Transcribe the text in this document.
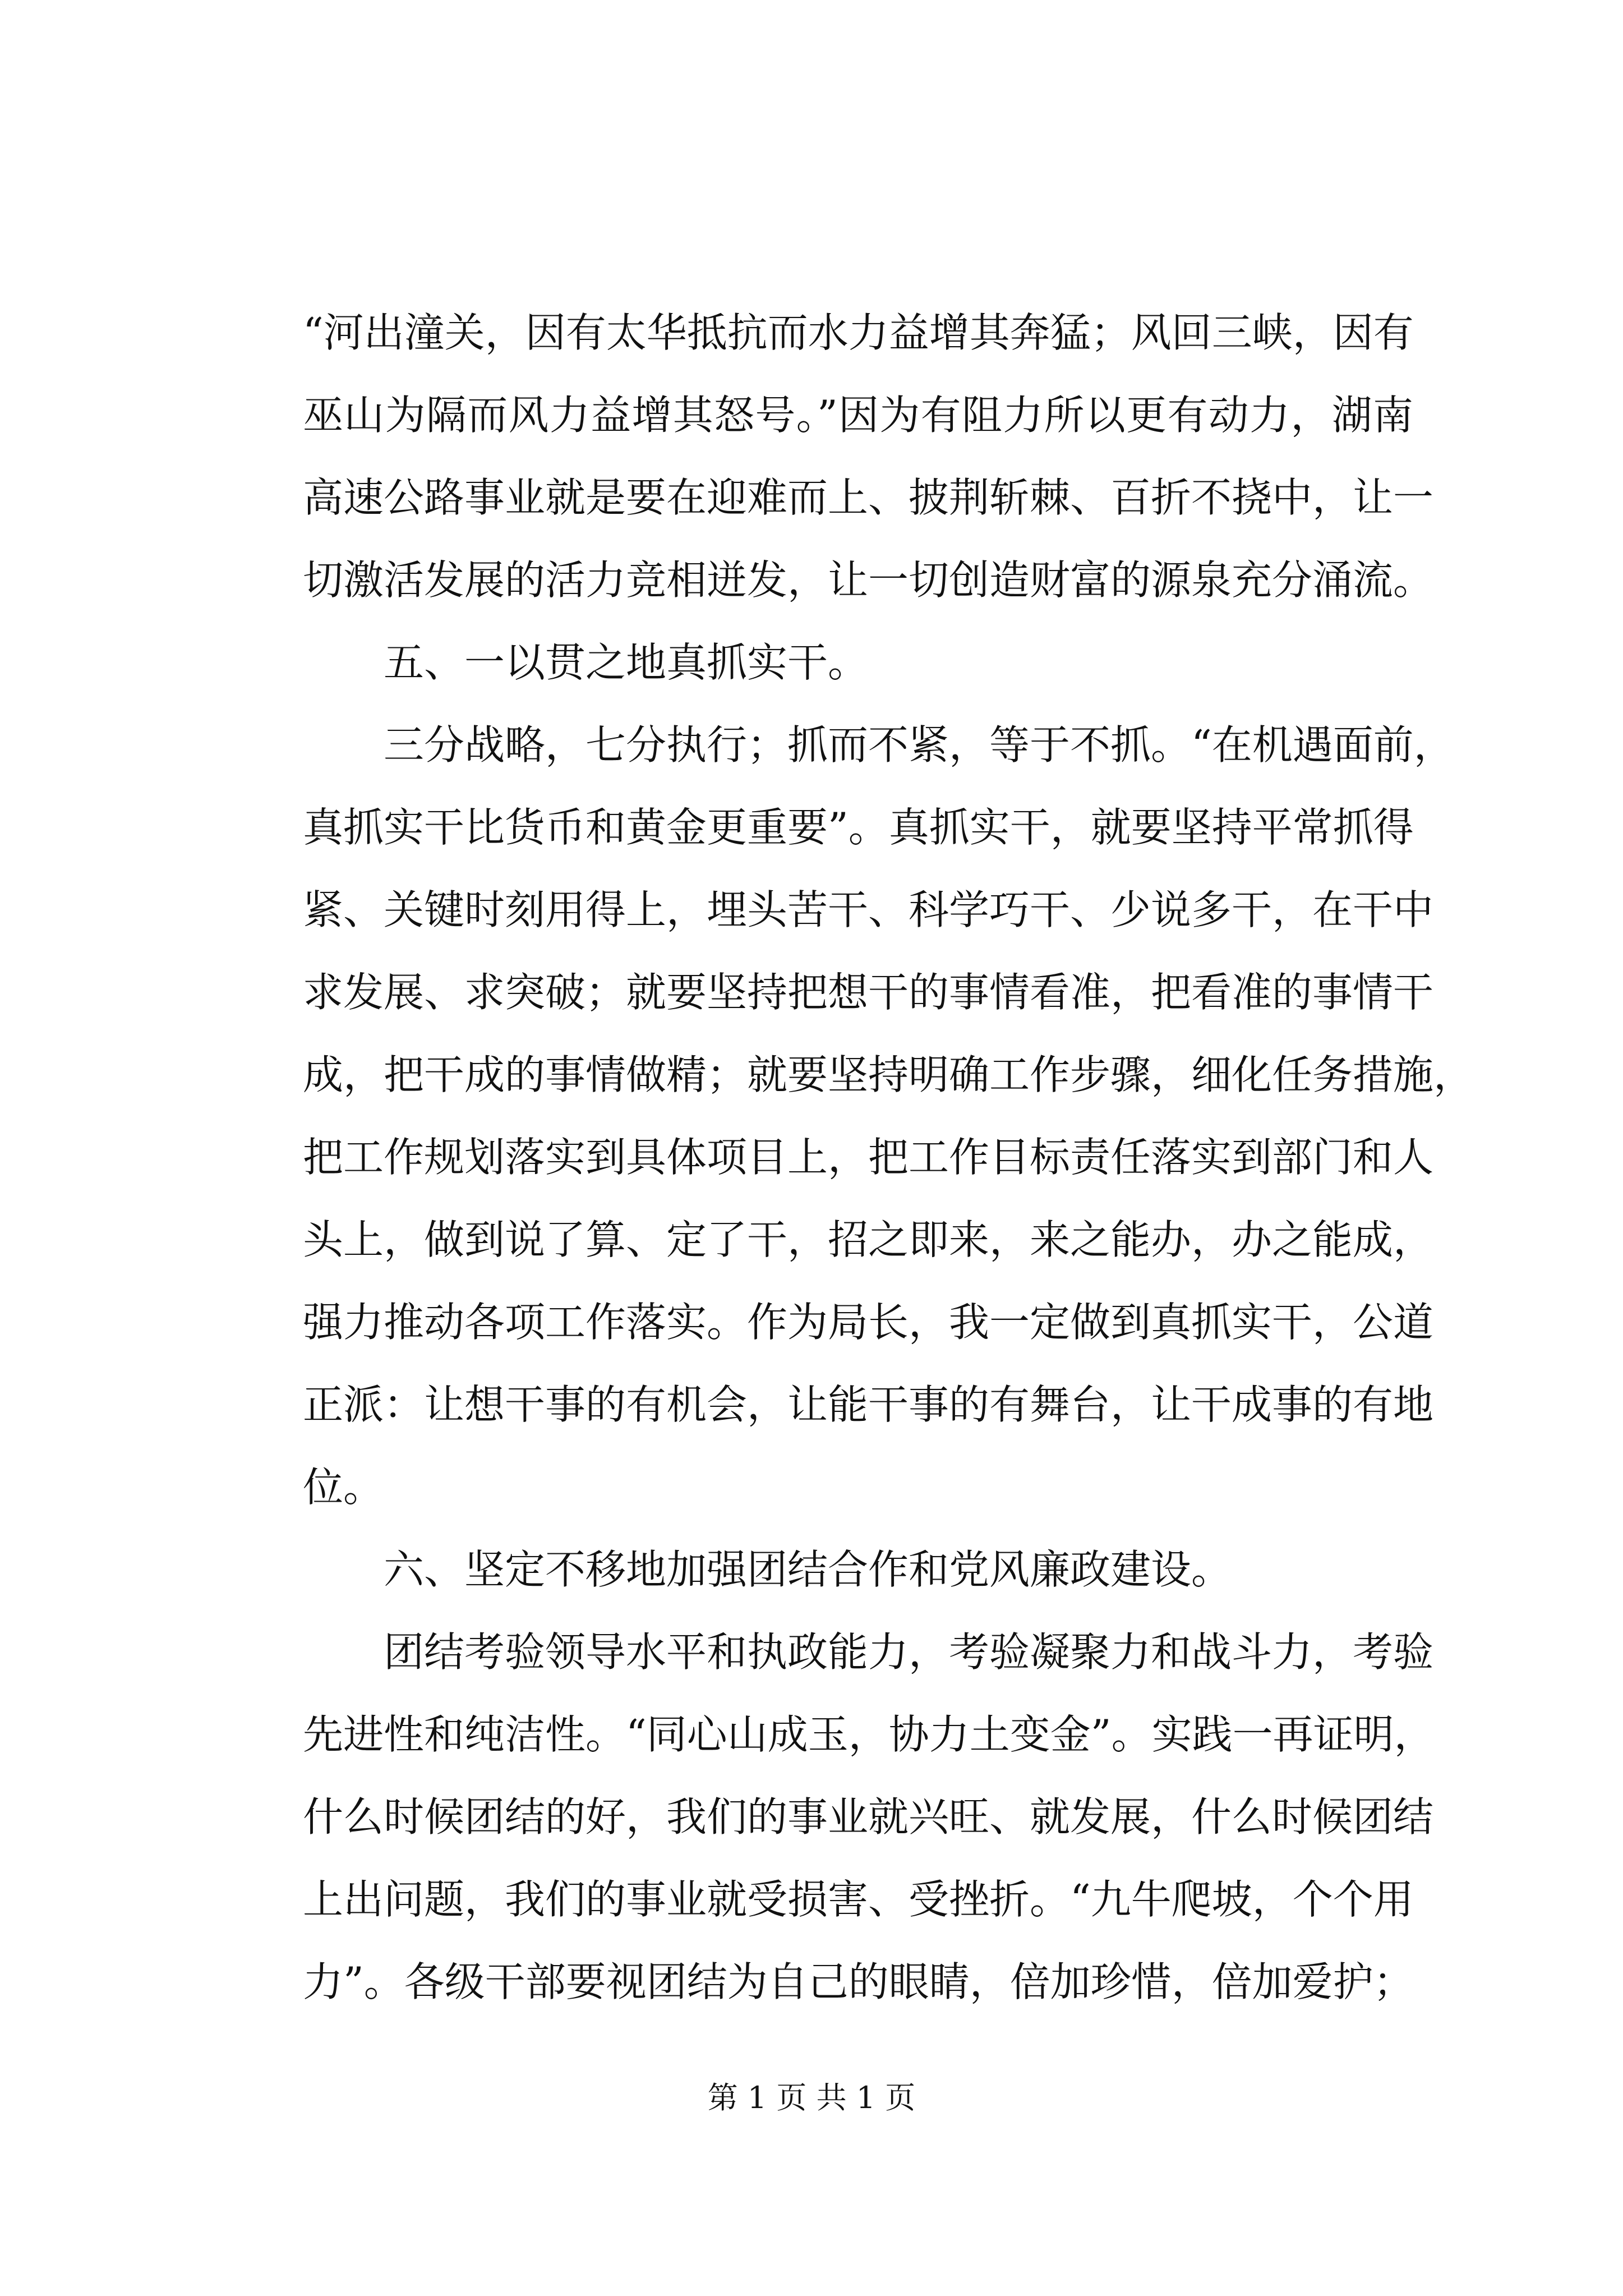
“河出潼关，因有太华抵抗而水力益增其奔猛；风回三峡，因有
巫山为隔而风力益增其怒号。”因为有阻力所以更有动力，湖南
高速公路事业就是要在迎难而上、披荆斩棘、百折不挠中，让一
切激活发展的活力竞相迸发，让一切创造财富的源泉充分涌流。
五、一以贯之地真抓实干。
三分战略，七分执行；抓而不紧，等于不抓。“在机遇面前，
真抓实干比货币和黄金更重要”。真抓实干，就要坚持平常抓得
紧、关键时刻用得上，埋头苦干、科学巧干、少说多干，在干中
求发展、求突破；就要坚持把想干的事情看准，把看准的事情干
成，把干成的事情做精；就要坚持明确工作步骤，细化任务措施，
把工作规划落实到具体项目上，把工作目标责任落实到部门和人
头上，做到说了算、定了干，招之即来，来之能办，办之能成，
强力推动各项工作落实。作为局长，我一定做到真抓实干，公道
正派：让想干事的有机会，让能干事的有舞台，让干成事的有地
位。
六、坚定不移地加强团结合作和党风廉政建设。
团结考验领导水平和执政能力，考验凝聚力和战斗力，考验
先进性和纯洁性。“同心山成玉，协力土变金”。实践一再证明，
什么时候团结的好，我们的事业就兴旺、就发展，什么时候团结
上出问题，我们的事业就受损害、受挫折。“九牛爬坡，个个用
力”。各级干部要视团结为自己的眼睛，倍加珍惜，倍加爱护；
第 1 页 共 1 页
